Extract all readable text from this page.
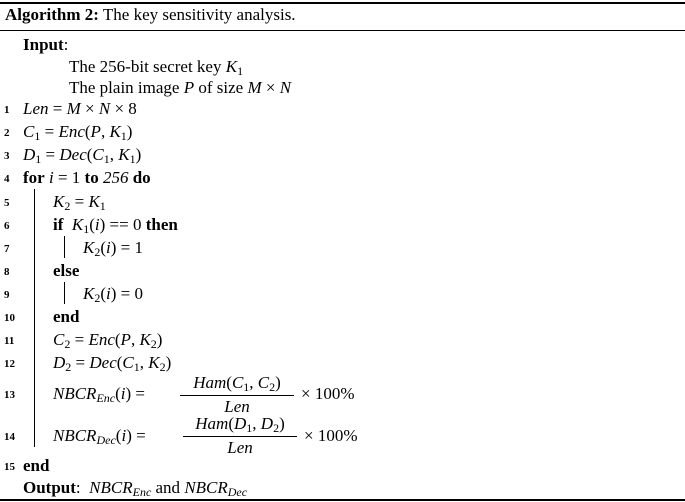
Algorithm 2: The key sensitivity analysis.
Input:
The 256-bit secret key $K_1$
The plain image P of size M × N
1
2
3
4
5
6
7
8
9
10
11
12
13
14
15
Len = M × N × 8
$C_1 = Enc(P$, $K_1$)
$D_1 = Dec(C_1$, $K_1$)
for i = 1 to 256 do
$K_2 = K_1$
if $K_1(i) == 0$ then
$K_2(i) = 1$
else
$K_2(i) = 0$
end
$C_2 = Enc(P$, $K_2$)
$D_2 = Dec(C_1$, $K_2$)
$NBCR_{Enc}(i)$ =
$Ham(C_1$, $C_2$)
Len
× 100%
$NBCR_{Dec}(i)$ =
$Ham(D_1$, $D_2$)
Len
× 100%
end
Output:  $NBCR_{Enc}$ and $NBCR_{Dec}$
